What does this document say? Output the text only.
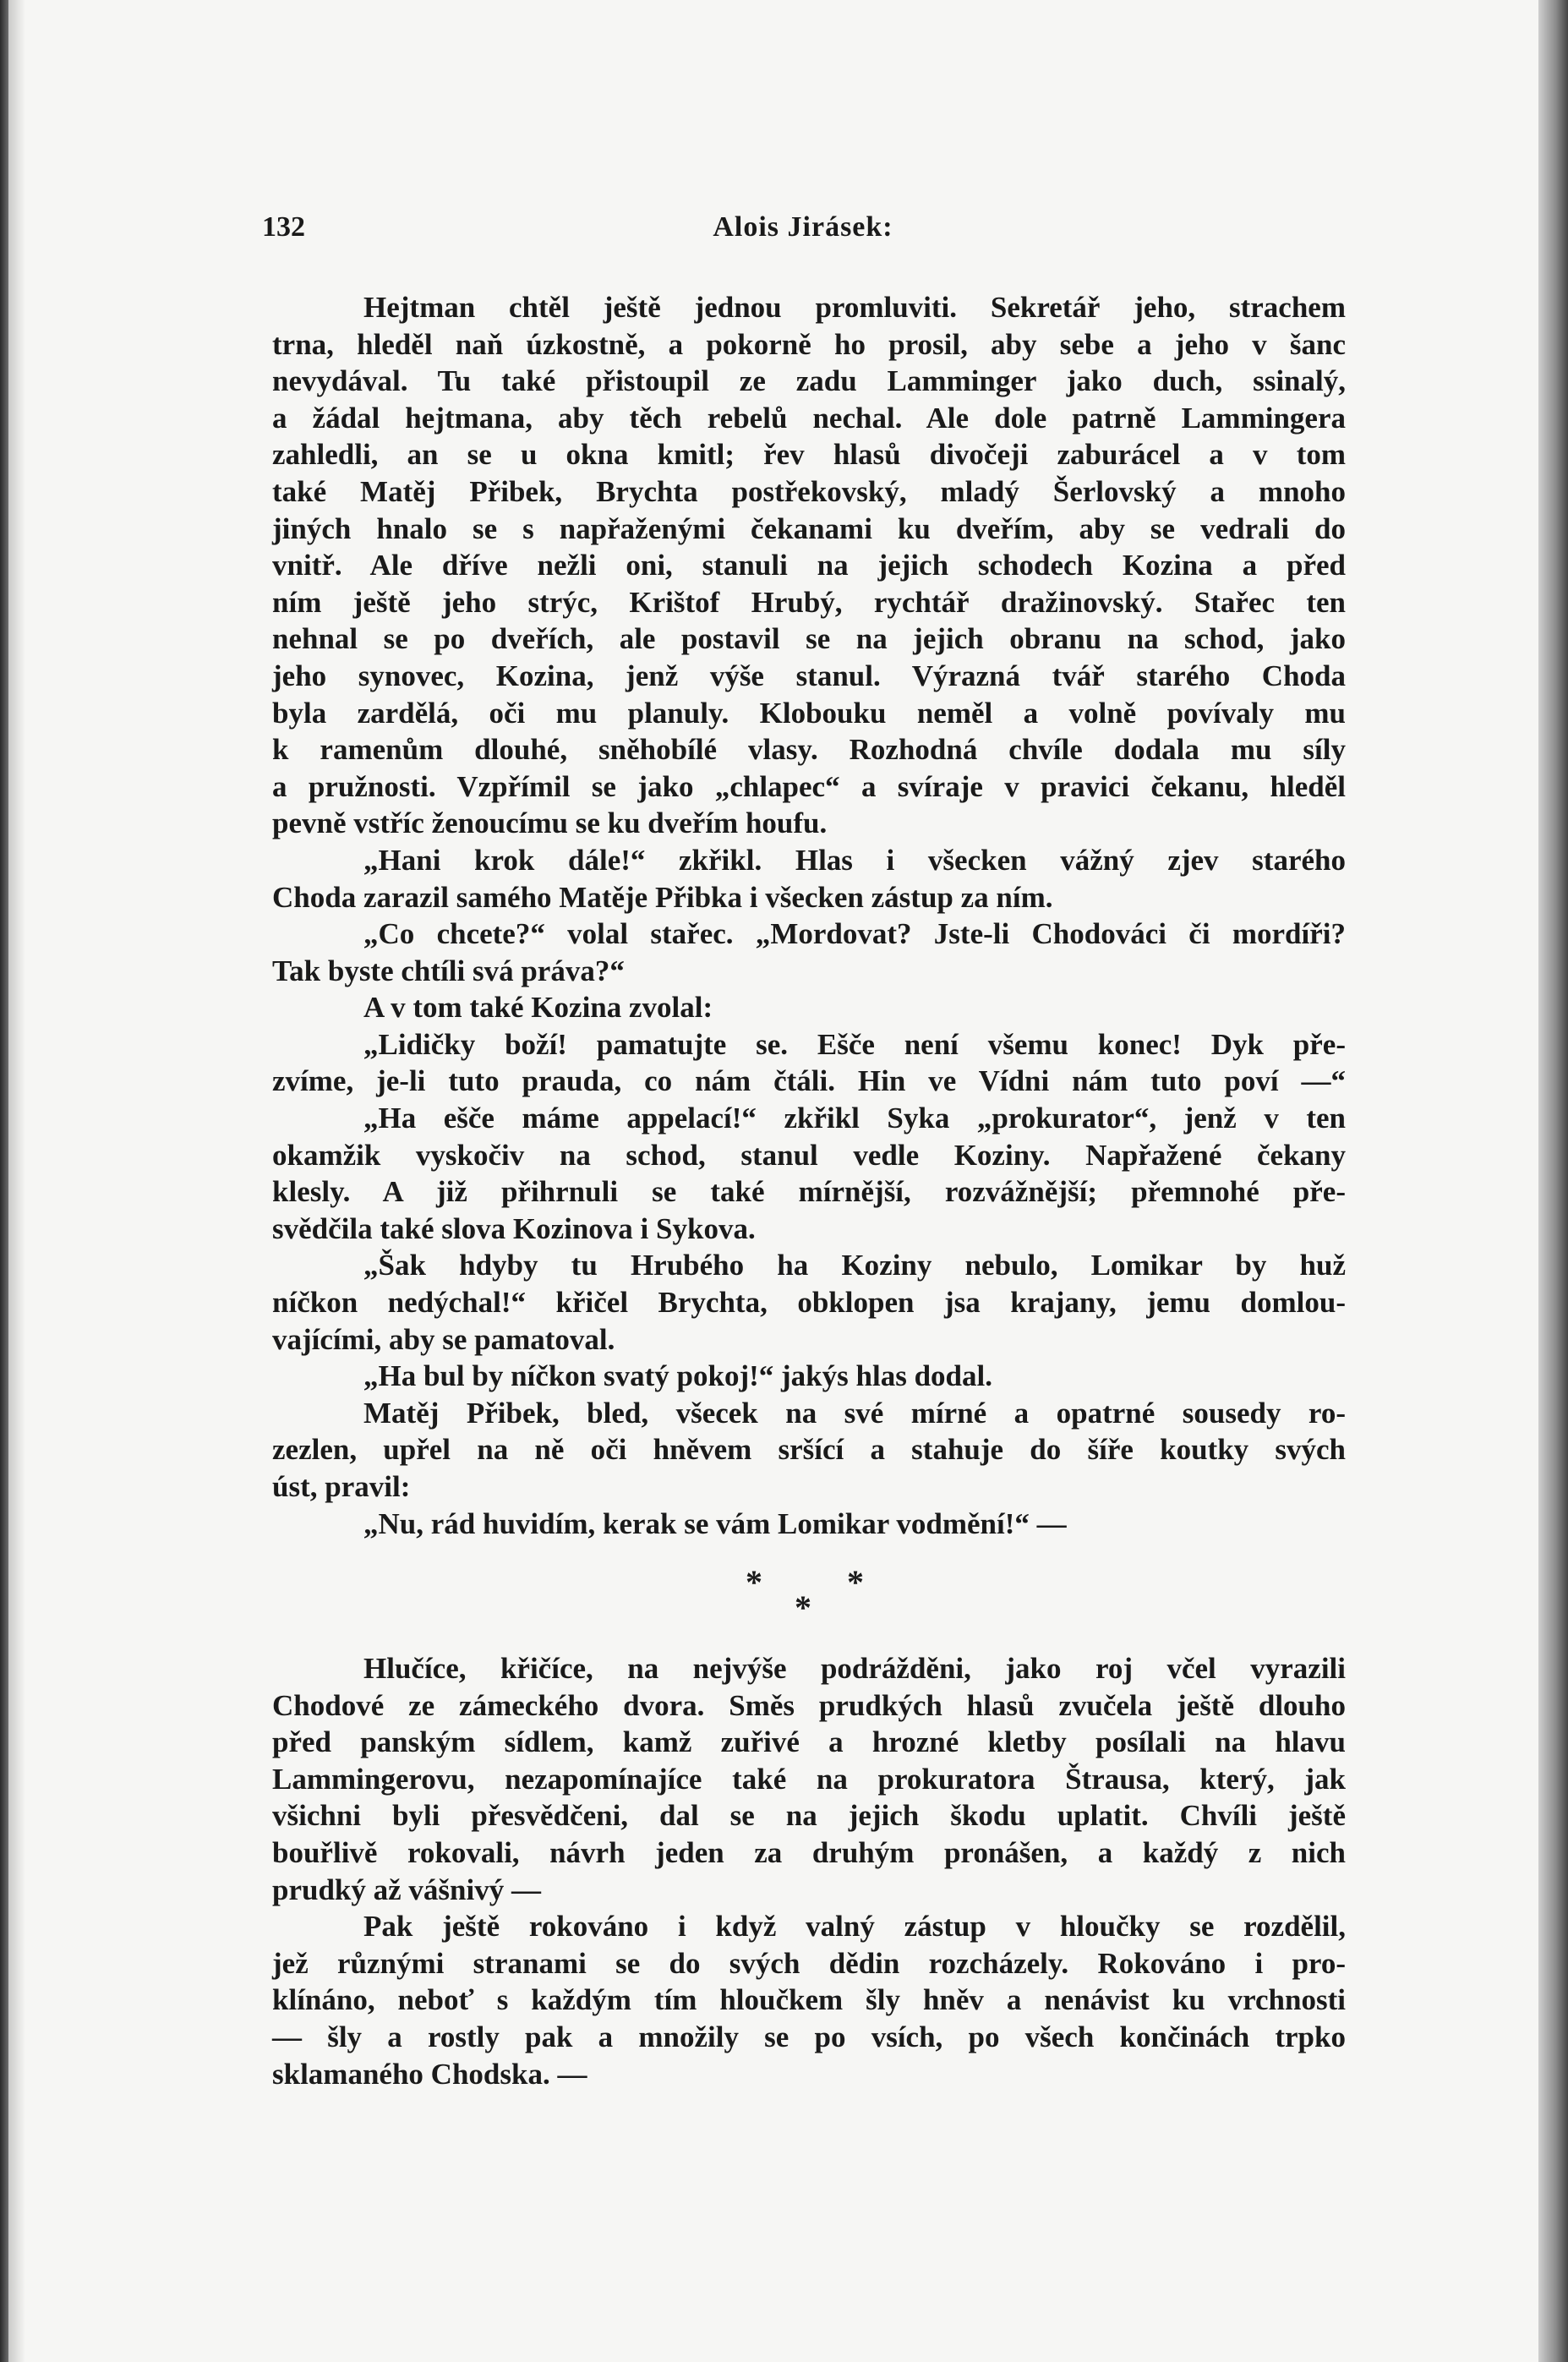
132	Alois Jirásek:
Hejtman chtěl ještě jednou promluviti. Sekretář jeho, strachem
trna, hleděl naň úzkostně, a pokorně ho prosil, aby sebe a jeho v šanc
nevydával. Tu také přistoupil ze zadu Lamminger jako duch, ssinalý,
a žádal hejtmana, aby těch rebelů nechal. Ale dole patrně Lammingera
zahledli, an se u okna kmitl; řev hlasů divočeji zaburácel a v tom
také Matěj Přibek, Brychta postřekovský, mladý Šerlovský a mnoho
jiných hnalo se s napřaženými čekanami ku dveřím, aby se vedrali do
vnitř. Ale dříve nežli oni, stanuli na jejich schodech Kozina a před
ním ještě jeho strýc, Krištof Hrubý, rychtář dražinovský. Stařec ten
nehnal se po dveřích, ale postavil se na jejich obranu na schod, jako
jeho synovec, Kozina, jenž výše stanul. Výrazná tvář starého Choda
byla zardělá, oči mu planuly. Klobouku neměl a volně povívaly mu
k ramenům dlouhé, sněhobílé vlasy. Rozhodná chvíle dodala mu síly
a pružnosti. Vzpřímil se jako „chlapec“ a svíraje v pravici čekanu, hleděl
pevně vstříc ženoucímu se ku dveřím houfu.
„Hani krok dále!“ zkřikl. Hlas i všecken vážný zjev starého
Choda zarazil samého Matěje Přibka i všecken zástup za ním.
„Co chcete?“ volal stařec. „Mordovat? Jste-li Chodováci či mordíři?
Tak byste chtíli svá práva?“
A v tom také Kozina zvolal:
„Lidičky boží! pamatujte se. Ešče není všemu konec! Dyk pře-
zvíme, je-li tuto prauda, co nám čtáli. Hin ve Vídni nám tuto poví —“
„Ha ešče máme appelací!“ zkřikl Syka „prokurator“, jenž v ten
okamžik vyskočiv na schod, stanul vedle Koziny. Napřažené čekany
klesly. A již přihrnuli se také mírnější, rozvážnější; přemnohé pře-
svědčila také slova Kozinova i Sykova.
„Šak hdyby tu Hrubého ha Koziny nebulo, Lomikar by huž
níčkon nedýchal!“ křičel Brychta, obklopen jsa krajany, jemu domlou-
vajícími, aby se pamatoval.
„Ha bul by níčkon svatý pokoj!“ jakýs hlas dodal.
Matěj Přibek, bled, všecek na své mírné a opatrné sousedy ro-
zezlen, upřel na ně oči hněvem sršící a stahuje do šíře koutky svých
úst, pravil:
„Nu, rád huvidím, kerak se vám Lomikar vodmění!“ —
*
*
*
Hlučíce, křičíce, na nejvýše podrážděni, jako roj včel vyrazili
Chodové ze zámeckého dvora. Směs prudkých hlasů zvučela ještě dlouho
před panským sídlem, kamž zuřivé a hrozné kletby posílali na hlavu
Lammingerovu, nezapomínajíce také na prokuratora Štrausa, který, jak
všichni byli přesvědčeni, dal se na jejich škodu uplatit. Chvíli ještě
bouřlivě rokovali, návrh jeden za druhým pronášen, a každý z nich
prudký až vášnivý —
Pak ještě rokováno i když valný zástup v hloučky se rozdělil,
jež různými stranami se do svých dědin rozcházely. Rokováno i pro-
klínáno, neboť s každým tím hloučkem šly hněv a nenávist ku vrchnosti
— šly a rostly pak a množily se po vsích, po všech končinách trpko
sklamaného Chodska. —
